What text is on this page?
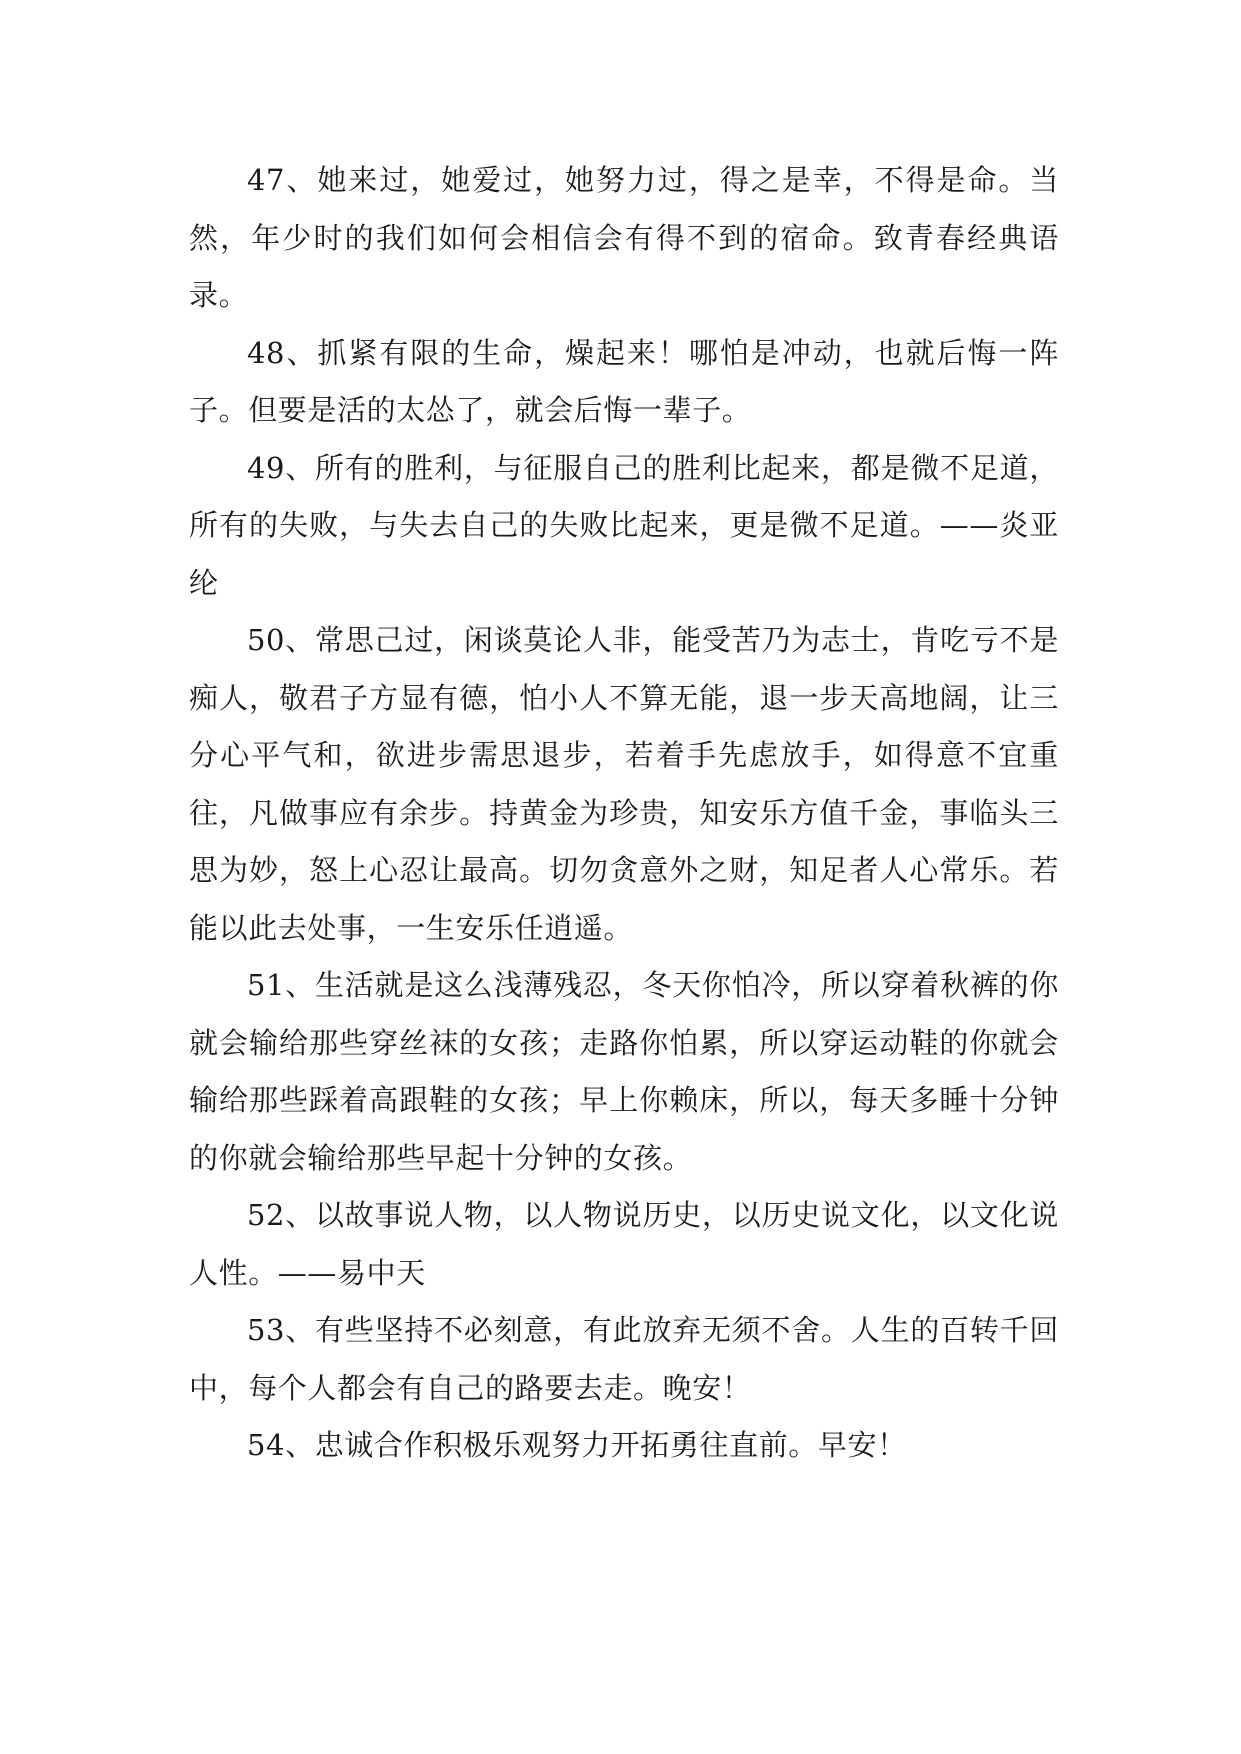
47、她来过，她爱过，她努力过，得之是幸，不得是命。当然，年少时的我们如何会相信会有得不到的宿命。致青春经典语录。

48、抓紧有限的生命，燥起来！哪怕是冲动，也就后悔一阵子。但要是活的太怂了，就会后悔一辈子。

49、所有的胜利，与征服自己的胜利比起来，都是微不足道，所有的失败，与失去自己的失败比起来，更是微不足道。——炎亚纶

50、常思己过，闲谈莫论人非，能受苦乃为志士，肯吃亏不是痴人，敬君子方显有德，怕小人不算无能，退一步天高地阔，让三分心平气和，欲进步需思退步，若着手先虑放手，如得意不宜重往，凡做事应有余步。持黄金为珍贵，知安乐方值千金，事临头三思为妙，怒上心忍让最高。切勿贪意外之财，知足者人心常乐。若能以此去处事，一生安乐任逍遥。

51、生活就是这么浅薄残忍，冬天你怕冷，所以穿着秋裤的你就会输给那些穿丝袜的女孩；走路你怕累，所以穿运动鞋的你就会输给那些踩着高跟鞋的女孩；早上你赖床，所以，每天多睡十分钟的你就会输给那些早起十分钟的女孩。

52、以故事说人物，以人物说历史，以历史说文化，以文化说人性。——易中天

53、有些坚持不必刻意，有此放弃无须不舍。人生的百转千回中，每个人都会有自己的路要去走。晚安！

54、忠诚合作积极乐观努力开拓勇往直前。早安！
